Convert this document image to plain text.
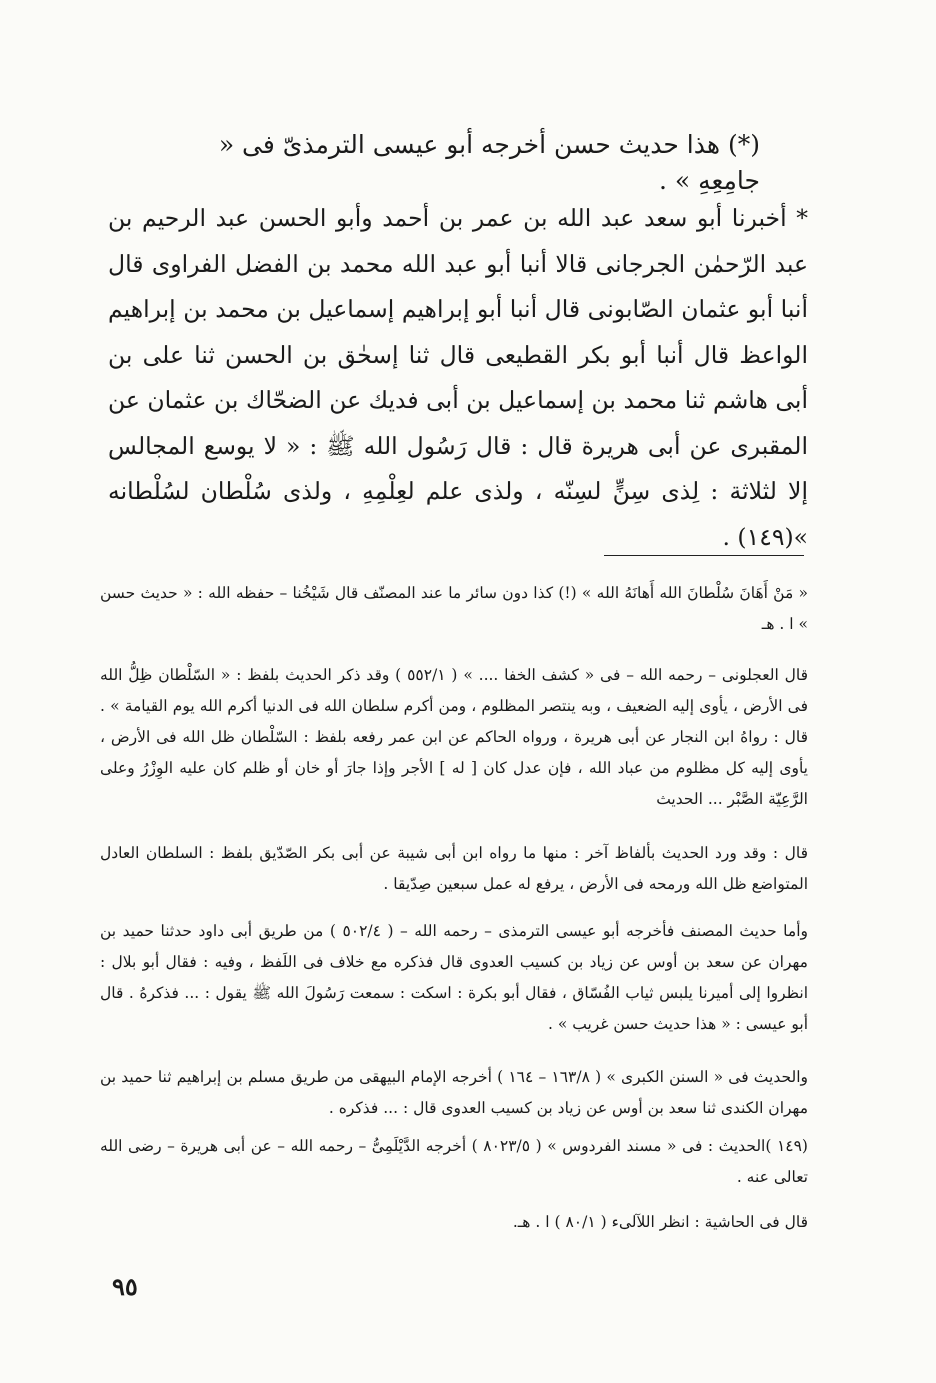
(*) هذا حديث حسن أخرجه أبو عيسى الترمذىّ فى « جامِعِهِ » .

* أخبرنا أبو سعد عبد الله بن عمر بن أحمد وأبو الحسن عبد الرحيم بن عبد الرّحمٰن الجرجانى قالا أنبا أبو عبد الله محمد بن الفضل الفراوى قال أنبا أبو عثمان الصّابونى قال أنبا أبو إبراهيم إسماعيل بن محمد بن إبراهيم الواعظ قال أنبا أبو بكر القطيعى قال ثنا إسحٰق بن الحسن ثنا على بن أبى هاشم ثنا محمد بن إسماعيل بن أبى فديك عن الضحّاك بن عثمان عن المقبرى عن أبى هريرة قال : قال رَسُول الله ﷺ : « لا يوسع المجالس إلا لثلاثة : لِذى سِنٍّ لسِنّه ، ولذى علم لعِلْمِهِ ، ولذى سُلْطان لسُلْطانه »(١٤٩) .

« مَنْ أَهَانَ سُلْطانَ الله أَهانَهُ الله » (!) كذا دون سائر ما عند المصنّف قال شَيْخُنا – حفظه الله : « حديث حسن » ا . هـ

قال العجلونى – رحمه الله – فى « كشف الخفا .... » ( ٥٥٢/١ ) وقد ذكر الحديث بلفظ : « السّلْطان ظِلُّ الله فى الأرض ، يأوى إليه الضعيف ، وبه ينتصر المظلوم ، ومن أكرم سلطان الله فى الدنيا أكرم الله يوم القيامة » . قال : رواهُ ابن النجار عن أبى هريرة ، ورواه الحاكم عن ابن عمر رفعه بلفظ : السّلْطان ظل الله فى الأرض ، يأوى إليه كل مظلوم من عباد الله ، فإن عدل كان [ له ] الأجر وإذا جارَ أو خان أو ظلم كان عليه الوِزْرُ وعلى الرَّعِيّة الصَّبْر ... الحديث

قال : وقد ورد الحديث بألفاظ آخر : منها ما رواه ابن أبى شيبة عن أبى بكر الصّدّيق بلفظ : السلطان العادل المتواضع ظل الله ورمحه فى الأرض ، يرفع له عمل سبعين صِدّيقا .

وأما حديث المصنف فأخرجه أبو عيسى الترمذى – رحمه الله – ( ٥٠٢/٤ ) من طريق أبى داود حدثنا حميد بن مهران عن سعد بن أوس عن زياد بن كسيب العدوى قال فذكره مع خلاف فى اللَفظ ، وفيه : فقال أبو بلال : انظروا إلى أميرنا يلبس ثياب الفُسّاق ، فقال أبو بكرة : اسكت : سمعت رَسُولَ الله ﷺ يقول : ... فذكرهُ . قال أبو عيسى : « هذا حديث حسن غريب » .

والحديث فى « السنن الكبرى » ( ١٦٣/٨ – ١٦٤ ) أخرجه الإمام البيهقى من طريق مسلم بن إبراهيم ثنا حميد بن مهران الكندى ثنا سعد بن أوس عن زياد بن كسيب العدوى قال : ... فذكره .

(١٤٩ )الحديث : فى « مسند الفردوس » ( ٨٠٢٣/٥ ) أخرجه الدَّيْلَمِىُّ – رحمه الله – عن أبى هريرة – رضى الله تعالى عنه .

قال فى الحاشية : انظر اللآلىء ( ٨٠/١ ) ا . هـ.

٩٥
